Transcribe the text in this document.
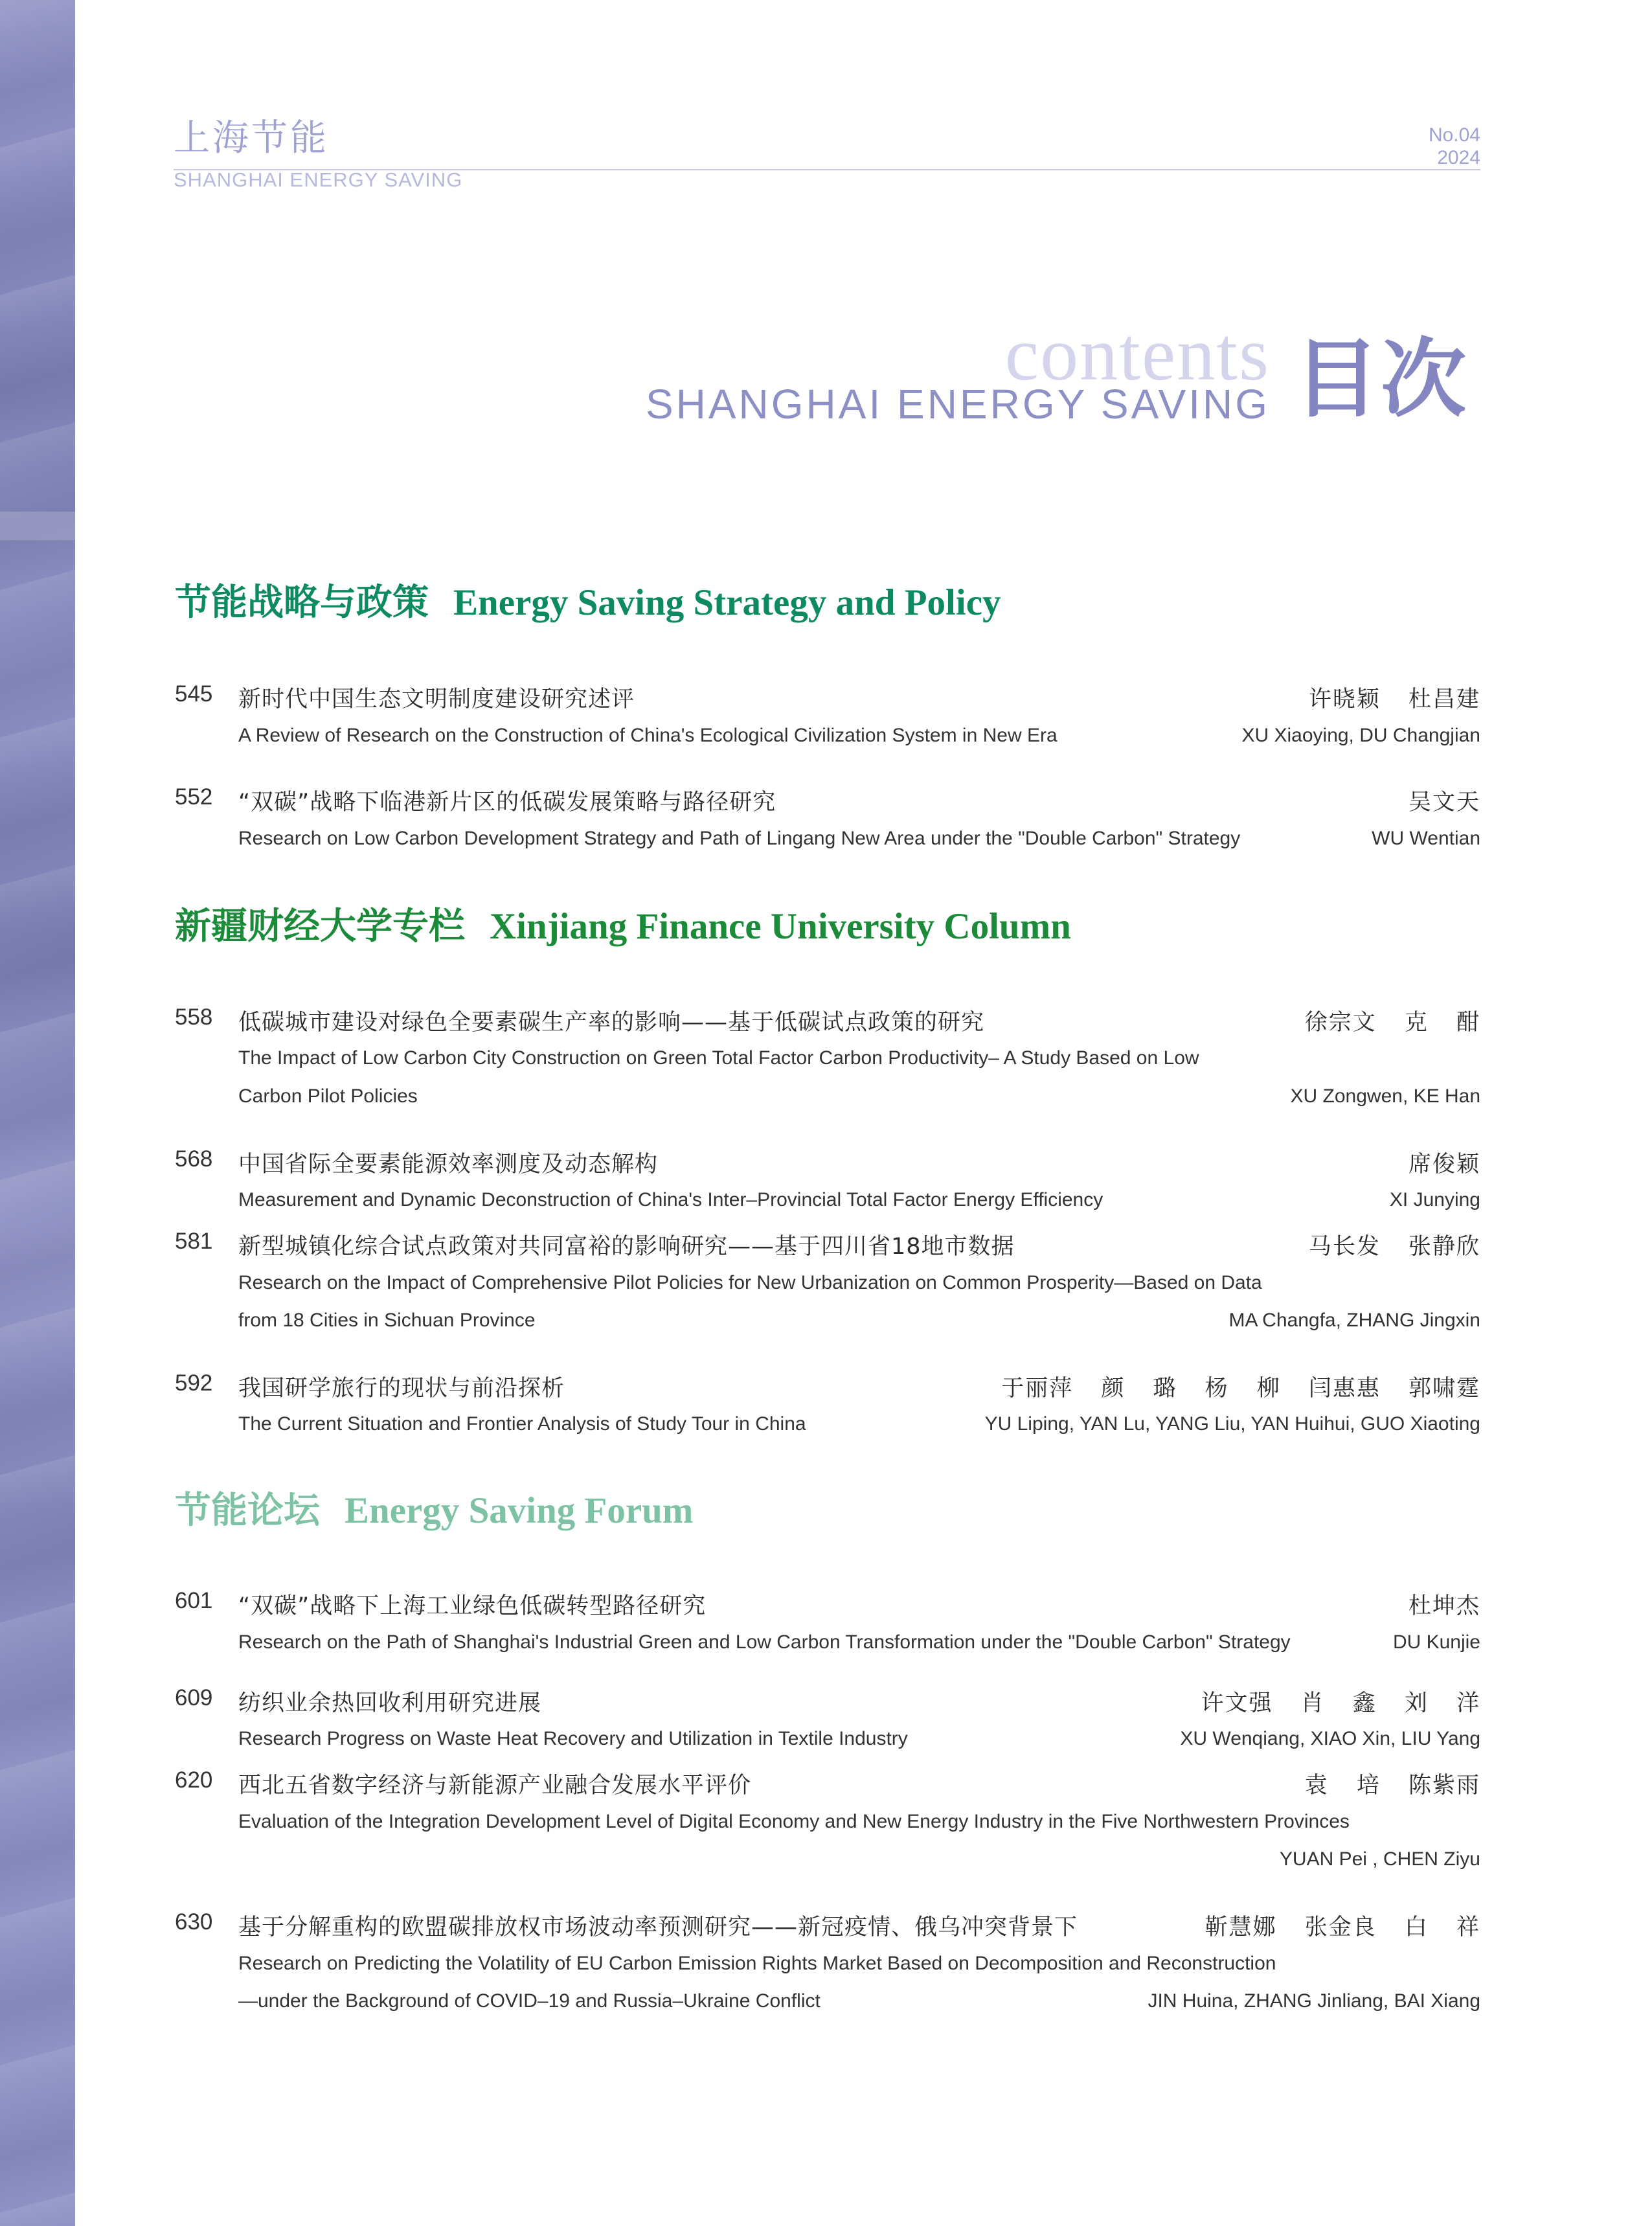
上海节能
SHANGHAI ENERGY SAVING
No.04
2024
contents
SHANGHAI ENERGY SAVING 目次
节能战略与政策 Energy Saving Strategy and Policy
545 新时代中国生态文明制度建设研究述评	许晓颖 杜昌建
A Review of Research on the Construction of China's Ecological Civilization System in New Era	XU Xiaoying, DU Changjian
552 “双碳”战略下临港新片区的低碳发展策略与路径研究	吴文天
Research on Low Carbon Development Strategy and Path of Lingang New Area under the "Double Carbon" Strategy	WU Wentian
新疆财经大学专栏 Xinjiang Finance University Column
558 低碳城市建设对绿色全要素碳生产率的影响——基于低碳试点政策的研究	徐宗文 克 酣
The Impact of Low Carbon City Construction on Green Total Factor Carbon Productivity– A Study Based on Low
Carbon Pilot Policies	XU Zongwen, KE Han
568 中国省际全要素能源效率测度及动态解构	席俊颖
Measurement and Dynamic Deconstruction of China's Inter–Provincial Total Factor Energy Efficiency	XI Junying
581 新型城镇化综合试点政策对共同富裕的影响研究——基于四川省18地市数据	马长发 张静欣
Research on the Impact of Comprehensive Pilot Policies for New Urbanization on Common Prosperity—Based on Data
from 18 Cities in Sichuan Province	MA Changfa, ZHANG Jingxin
592 我国研学旅行的现状与前沿探析	于丽萍 颜 璐 杨 柳 闫惠惠 郭啸霆
The Current Situation and Frontier Analysis of Study Tour in China	YU Liping, YAN Lu, YANG Liu, YAN Huihui, GUO Xiaoting
节能论坛 Energy Saving Forum
601 “双碳”战略下上海工业绿色低碳转型路径研究	杜坤杰
Research on the Path of Shanghai's Industrial Green and Low Carbon Transformation under the "Double Carbon" Strategy	DU Kunjie
609 纺织业余热回收利用研究进展	许文强 肖 鑫 刘 洋
Research Progress on Waste Heat Recovery and Utilization in Textile Industry	XU Wenqiang, XIAO Xin, LIU Yang
620 西北五省数字经济与新能源产业融合发展水平评价	袁 培 陈紫雨
Evaluation of the Integration Development Level of Digital Economy and New Energy Industry in the Five Northwestern Provinces
YUAN Pei , CHEN Ziyu
630 基于分解重构的欧盟碳排放权市场波动率预测研究——新冠疫情、俄乌冲突背景下	靳慧娜 张金良 白 祥
Research on Predicting the Volatility of EU Carbon Emission Rights Market Based on Decomposition and Reconstruction
—under the Background of COVID–19 and Russia–Ukraine Conflict	JIN Huina, ZHANG Jinliang, BAI Xiang
